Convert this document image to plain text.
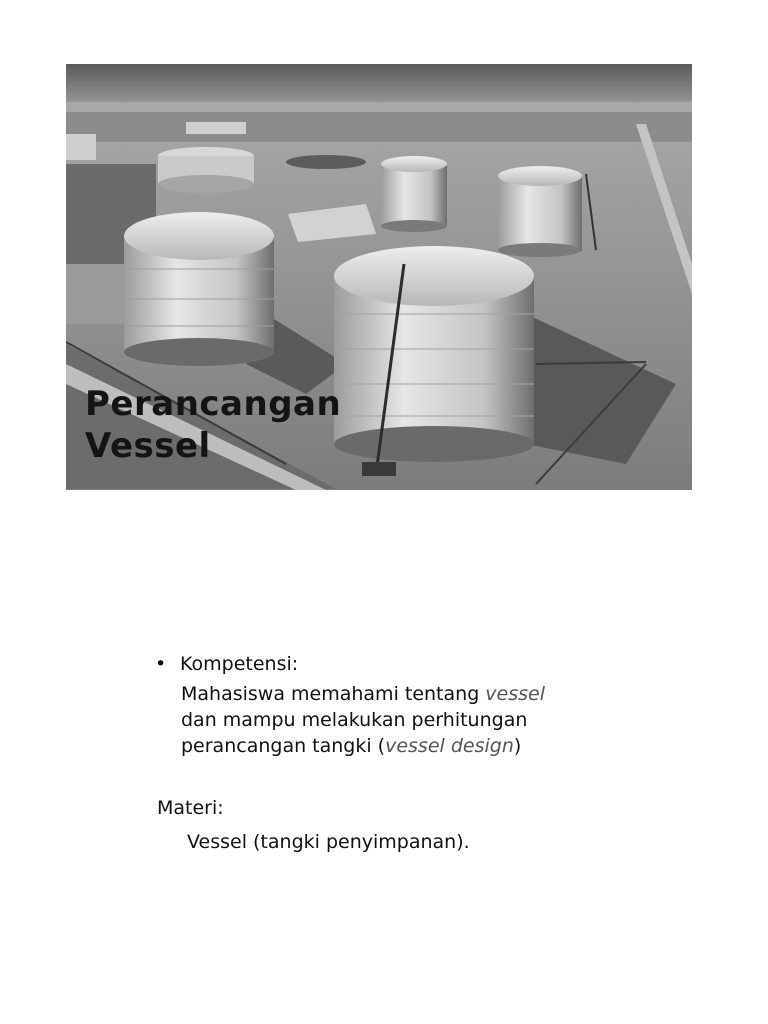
Perancangan
Vessel
• Kompetensi:
Mahasiswa memahami tentang vessel
dan mampu melakukan perhitungan
perancangan tangki (vessel design)
Materi:
Vessel (tangki penyimpanan).
